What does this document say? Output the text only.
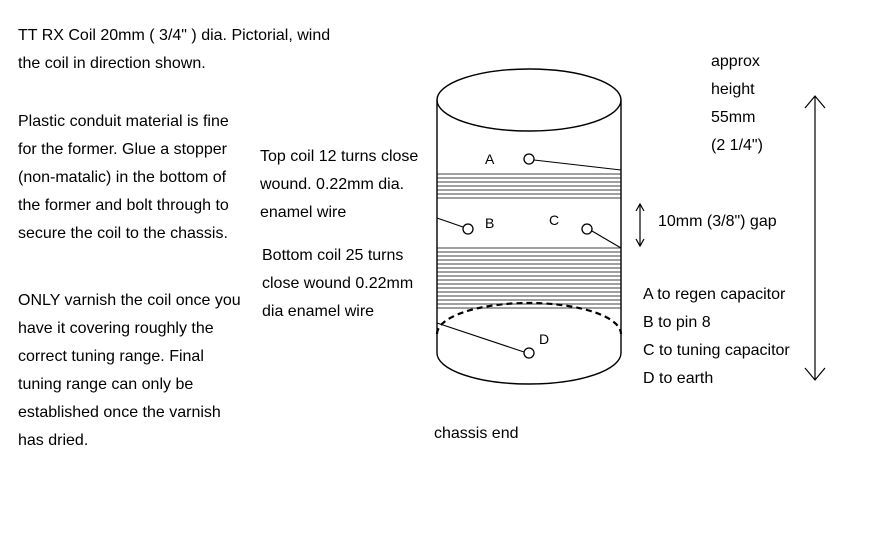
TT RX Coil 20mm ( 3/4" ) dia. Pictorial, wind
the coil in direction shown.
Plastic conduit material is fine
for the former. Glue a stopper
(non-matalic) in the bottom of
the former and bolt through to
secure the coil to the chassis.
ONLY varnish the coil once you
have it covering roughly the
correct tuning range. Final
tuning range can only be
established once the varnish
has dried.
Top coil 12 turns close
wound. 0.22mm dia.
enamel wire
Bottom coil 25 turns
close wound 0.22mm
dia enamel wire
approx
height
55mm
(2 1/4")
10mm (3/8") gap
A to regen capacitor
B to pin 8
C to tuning capacitor
D to earth
chassis end
A
B	C
D
